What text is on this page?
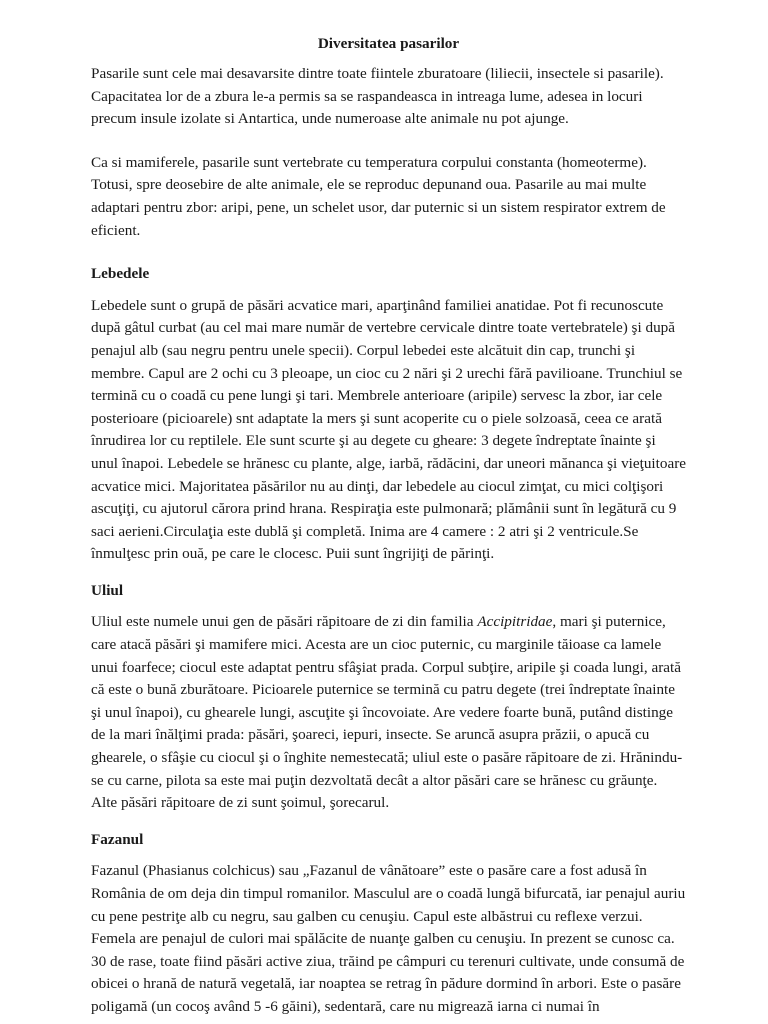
Diversitatea pasarilor

Pasarile sunt cele mai desavarsite dintre toate fiintele zburatoare (liliecii, insectele si pasarile). Capacitatea lor de a zbura le-a permis sa se raspandeasca in intreaga lume, adesea in locuri precum insule izolate si Antartica, unde numeroase alte animale nu pot ajunge.

Ca si mamiferele, pasarile sunt vertebrate cu temperatura corpului constanta (homeoterme). Totusi, spre deosebire de alte animale, ele se reproduc depunand oua. Pasarile au mai multe adaptari pentru zbor: aripi, pene, un schelet usor, dar puternic si un sistem respirator extrem de eficient.

Lebedele

Lebedele sunt o grupă de păsări acvatice mari, aparţinând familiei anatidae. Pot fi recunoscute după gâtul curbat (au cel mai mare număr de vertebre cervicale dintre toate vertebratele) şi după penajul alb (sau negru pentru unele specii). Corpul lebedei este alcătuit din cap, trunchi şi membre. Capul are 2 ochi cu 3 pleoape, un cioc cu 2 nări şi 2 urechi fără pavilioane. Trunchiul se termină cu o coadă cu pene lungi şi tari. Membrele anterioare (aripile) servesc la zbor, iar cele posterioare (picioarele) snt adaptate la mers şi sunt acoperite cu o piele solzoasă, ceea ce arată înrudirea lor cu reptilele. Ele sunt scurte şi au degete cu gheare: 3 degete îndreptate înainte şi unul înapoi. Lebedele se hrănesc cu plante, alge, iarbă, rădăcini, dar uneori mănanca şi vieţuitoare acvatice mici. Majoritatea păsărilor nu au dinţi, dar lebedele au ciocul zimţat, cu mici colţişori ascuţiţi, cu ajutorul cărora prind hrana. Respiraţia este pulmonară; plămânii sunt în legătură cu 9 saci aerieni.Circulaţia este dublă şi completă. Inima are 4 camere : 2 atri şi 2 ventricule.Se înmulţesc prin ouă, pe care le clocesc. Puii sunt îngrijiţi de părinţi.

Uliul

Uliul este numele unui gen de păsări răpitoare de zi din familia Accipitridae, mari şi puternice, care atacă păsări şi mamifere mici. Acesta are un cioc puternic, cu marginile tăioase ca lamele unui foarfece; ciocul este adaptat pentru sfâşiat prada. Corpul subţire, aripile şi coada lungi, arată că este o bună zburătoare. Picioarele puternice se termină cu patru degete (trei îndreptate înainte şi unul înapoi), cu ghearele lungi, ascuţite şi încovoiate. Are vedere foarte bună, putând distinge de la mari înălţimi prada: păsări, şoareci, iepuri, insecte. Se aruncă asupra prăzii, o apucă cu ghearele, o sfâşie cu ciocul şi o înghite nemestecată; uliul este o pasăre răpitoare de zi. Hrănindu-se cu carne, pilota sa este mai puţin dezvoltată decât a altor păsări care se hrănesc cu grăunţe. Alte păsări răpitoare de zi sunt şoimul, şorecarul.

Fazanul

Fazanul (Phasianus colchicus) sau „Fazanul de vânătoare” este o pasăre care a fost adusă în România de om deja din timpul romanilor. Masculul are o coadă lungă bifurcată, iar penajul auriu cu pene pestriţe alb cu negru, sau galben cu cenuşiu. Capul este albăstrui cu reflexe verzui. Femela are penajul de culori mai spălăcite de nuanţe galben cu cenuşiu. In prezent se cunosc ca. 30 de rase, toate fiind păsări active ziua, trăind pe câmpuri cu terenuri cultivate, unde consumă de obicei o hrană de natură vegetală, iar noaptea se retrag în pădure dormind în arbori. Este o pasăre poligamă (un cocoş având 5 -6 găini), sedentară, care nu migrează iarna ci numai în
